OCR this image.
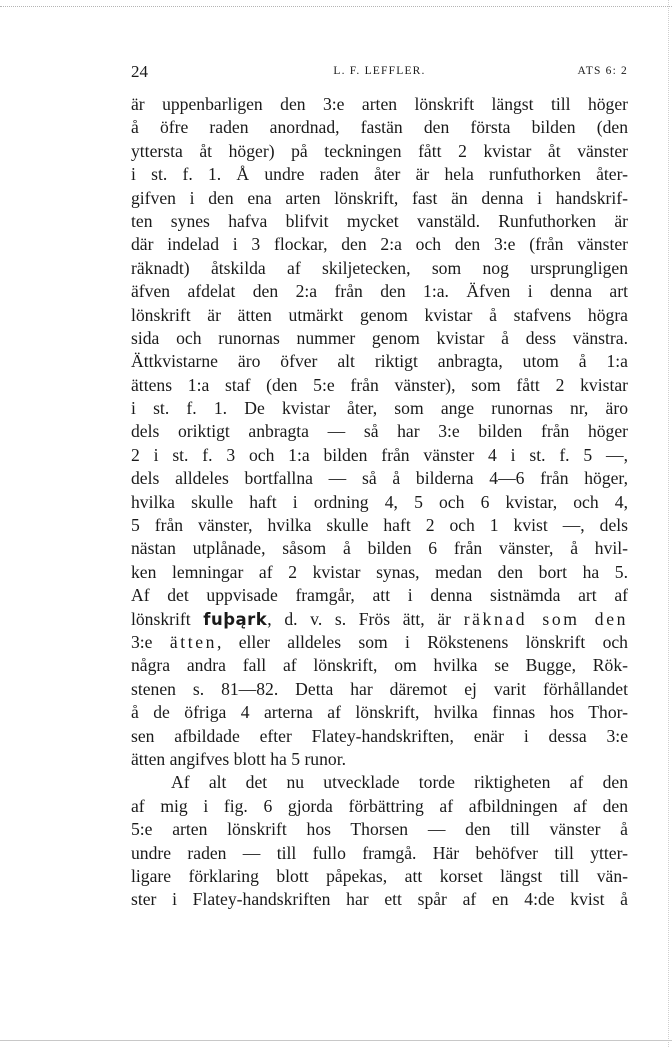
24	L. F. LEFFLER.	ATS 6: 2
är uppenbarligen den 3:e arten lönskrift längst till höger
å öfre raden anordnad, fastän den första bilden (den
yttersta åt höger) på teckningen fått 2 kvistar åt vänster
i st. f. 1. Å undre raden åter är hela runfuthorken åter-
gifven i den ena arten lönskrift, fast än denna i handskrif-
ten synes hafva blifvit mycket vanstäld. Runfuthorken är
där indelad i 3 flockar, den 2:a och den 3:e (från vänster
räknadt) åtskilda af skiljetecken, som nog ursprungligen
äfven afdelat den 2:a från den 1:a. Äfven i denna art
lönskrift är ätten utmärkt genom kvistar å stafvens högra
sida och runornas nummer genom kvistar å dess vänstra.
Ättkvistarne äro öfver alt riktigt anbragta, utom å 1:a
ättens 1:a staf (den 5:e från vänster), som fått 2 kvistar
i st. f. 1. De kvistar åter, som ange runornas nr, äro
dels oriktigt anbragta — så har 3:e bilden från höger
2 i st. f. 3 och 1:a bilden från vänster 4 i st. f. 5 —,
dels alldeles bortfallna — så å bilderna 4—6 från höger,
hvilka skulle haft i ordning 4, 5 och 6 kvistar, och 4,
5 från vänster, hvilka skulle haft 2 och 1 kvist —, dels
nästan utplånade, såsom å bilden 6 från vänster, å hvil-
ken lemningar af 2 kvistar synas, medan den bort ha 5.
Af det uppvisade framgår, att i denna sistnämda art af
lönskrift fuþąrk, d. v. s. Frös ätt, är räknad som den
3:e ätten, eller alldeles som i Rökstenens lönskrift och
några andra fall af lönskrift, om hvilka se Bugge, Rök-
stenen s. 81—82. Detta har däremot ej varit förhållandet
å de öfriga 4 arterna af lönskrift, hvilka finnas hos Thor-
sen afbildade efter Flatey-handskriften, enär i dessa 3:e
ätten angifves blott ha 5 runor.
Af alt det nu utvecklade torde riktigheten af den
af mig i fig. 6 gjorda förbättring af afbildningen af den
5:e arten lönskrift hos Thorsen — den till vänster å
undre raden — till fullo framgå. Här behöfver till ytter-
ligare förklaring blott påpekas, att korset längst till vän-
ster i Flatey-handskriften har ett spår af en 4:de kvist å
